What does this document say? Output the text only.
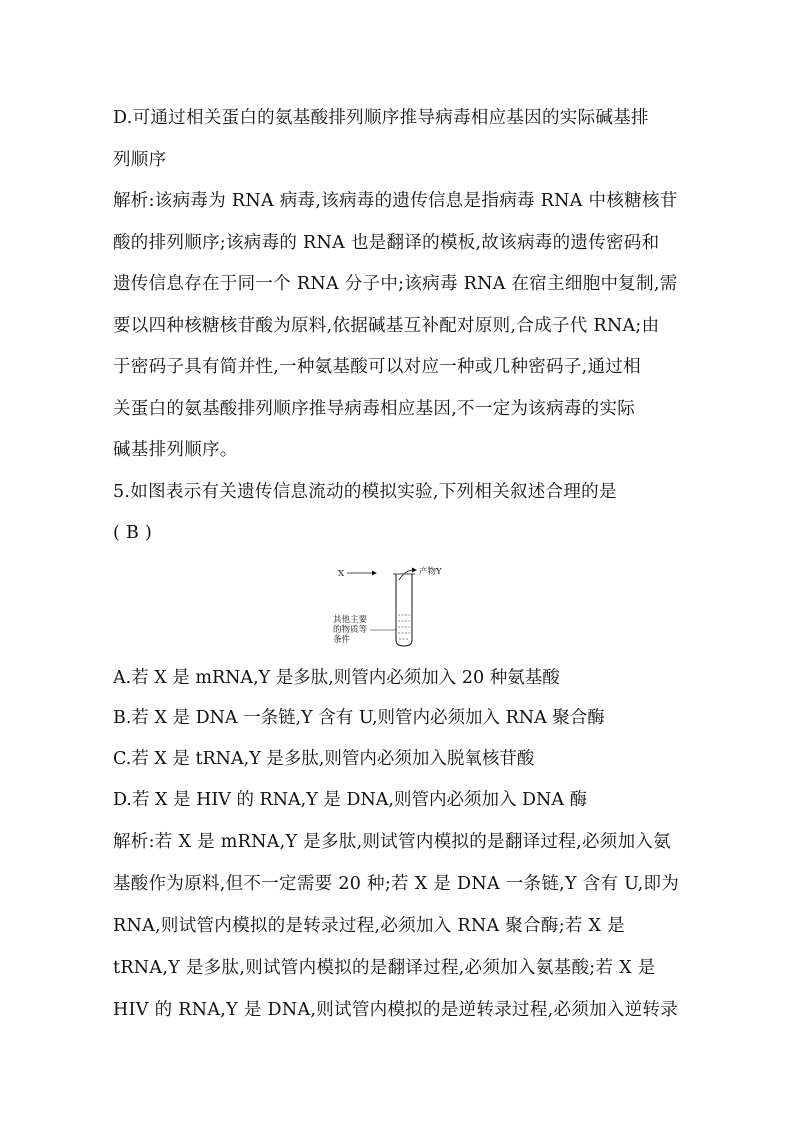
D.可通过相关蛋白的氨基酸排列顺序推导病毒相应基因的实际碱基排
列顺序
解析:该病毒为 RNA 病毒,该病毒的遗传信息是指病毒 RNA 中核糖核苷
酸的排列顺序;该病毒的 RNA 也是翻译的模板,故该病毒的遗传密码和
遗传信息存在于同一个 RNA 分子中;该病毒 RNA 在宿主细胞中复制,需
要以四种核糖核苷酸为原料,依据碱基互补配对原则,合成子代 RNA;由
于密码子具有简并性,一种氨基酸可以对应一种或几种密码子,通过相
关蛋白的氨基酸排列顺序推导病毒相应基因,不一定为该病毒的实际
碱基排列顺序。
5.如图表示有关遗传信息流动的模拟实验,下列相关叙述合理的是
( B )
X	产物Y
其他主要
的物质等
条件
A.若 X 是 mRNA,Y 是多肽,则管内必须加入 20 种氨基酸
B.若 X 是 DNA 一条链,Y 含有 U,则管内必须加入 RNA 聚合酶
C.若 X 是 tRNA,Y 是多肽,则管内必须加入脱氧核苷酸
D.若 X 是 HIV 的 RNA,Y 是 DNA,则管内必须加入 DNA 酶
解析:若 X 是 mRNA,Y 是多肽,则试管内模拟的是翻译过程,必须加入氨
基酸作为原料,但不一定需要 20 种;若 X 是 DNA 一条链,Y 含有 U,即为
RNA,则试管内模拟的是转录过程,必须加入 RNA 聚合酶;若 X 是
tRNA,Y 是多肽,则试管内模拟的是翻译过程,必须加入氨基酸;若 X 是
HIV 的 RNA,Y 是 DNA,则试管内模拟的是逆转录过程,必须加入逆转录
